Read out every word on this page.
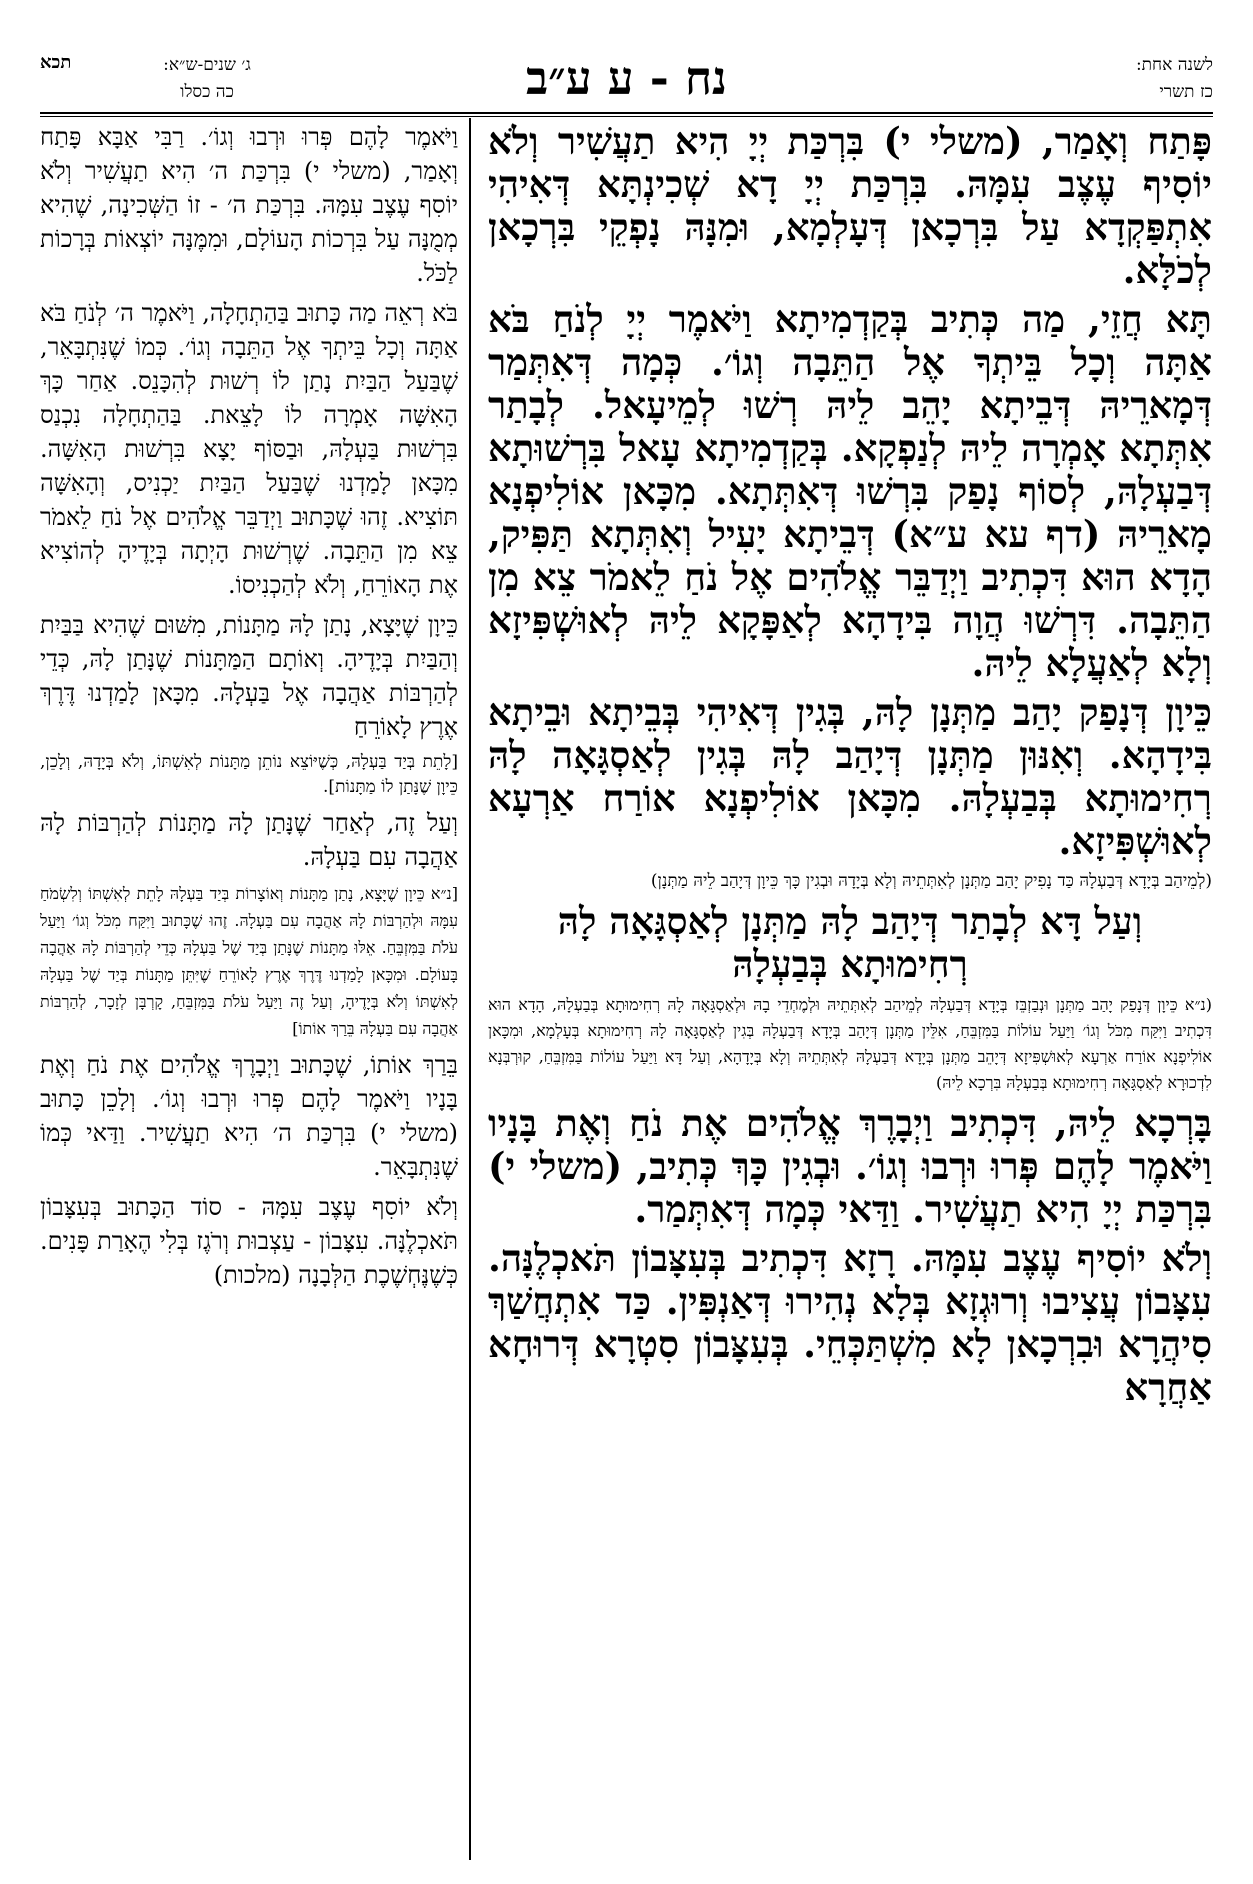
לשנה אחת:
כז תשרי
נח - ע ע״ב
ג׳ שנים-ש״א:
כה כסלו
תכא

פָּתַח וְאָמַר, (משלי י) בִּרְכַּת יְיָ הִיא תַעֲשִׁיר וְלֹא יוֹסִיף עֶצֶב עִמָּהּ. בִּרְכַּת יְיָ דָא שְׁכִינְתָּא דְּאִיהִי אִתְפַּקְדָא עַל בִּרְכָאן דְּעָלְמָא, וּמִנָּהּ נָפְקֵי בִּרְכָאן לְכֹלָּא.

תָּא חֲזֵי, מַה כְּתִיב בְּקַדְמִיתָא וַיֹּאמֶר יְיָ לְנֹחַ בֹּא אַתָּה וְכָל בֵּיתְךָ אֶל הַתֵּבָה וְגוֹ׳. כְּמָה דְּאִתְּמַר דְּמָארֵיהּ דְּבֵיתָא יָהֵב לֵיהּ רְשׁוּ לְמֵיעָאל. לְבָתַר אִתְּתָא אָמְרָה לֵיהּ לְנַפְקָא. בְּקַדְמִיתָא עָאל בִּרְשׁוּתָא דְּבַעְלָהּ, לְסוֹף נָפַק בִּרְשׁוּ דְּאִתְּתָא. מִכָּאן אוֹלִיפְנָא מָארֵיהּ (דף עא ע״א) דְּבֵיתָא יָעִיל וְאִתְּתָא תַּפִּיק, הָדָא הוּא דִּכְתִיב וַיְדַבֵּר אֱלֹהִים אֶל נֹחַ לֵאמֹר צֵא מִן הַתֵּבָה. דִּרְשׁוּ הֲוָה בִּידָהָא לְאַפָּקָא לֵיהּ לְאוּשְׁפִּיזָא וְלָא לְאַעֲלָא לֵיהּ.

כֵּיוָן דְּנָפַק יָהַב מַתְּנָן לָהּ, בְּגִין דְּאִיהִי בְּבֵיתָא וּבֵיתָא בִּידָהָא. וְאִנּוּן מַתְּנָן דְּיָהַב לָהּ בְּגִין לְאַסְגָּאָה לָהּ רְחִימוּתָא בְּבַעְלָהּ. מִכָּאן אוֹלִיפְנָא אוֹרַח אַרְעָא לְאוּשְׁפִּיזָא.

(לְמֵיהַב בְּיָדָא דְּבַעְלָהּ כַּד נָפִיק יָהַב מַתְּנָן לְאִתְּתֵיהּ וְלָא בְּיָדָהּ וּבְגִין כָּךְ כֵּיוָן דְּיָהַב לֵיהּ מַתְּנָן)

וְעַל דָּא לְבָתַר דְּיָהַב לָהּ מַתְּנָן לְאַסְגָּאָה לָהּ רְחִימוּתָא בְּבַעְלָהּ

(נ״א כֵּיוָן דְּנָפַק יָהַב מַתְּנָן וּנְבַזְבֵּז בְּיָדָא דְּבַעְלָהּ לְמֵיהַב לְאִתְּתֵיהּ וּלְמֶחְדֵי בָהּ וּלְאַסְגָּאָה לָהּ רְחִימוּתָא בְּבַעְלָהּ, הָדָא הוּא דִּכְתִיב וַיִּקַּח מִכֹּל וְגוֹ׳ וַיַּעַל עוֹלוֹת בַּמִּזְבֵּחַ, אִלֵּין מַתְּנָן דְּיָהַב בְּיָדָא דְּבַעְלָהּ בְּגִין לְאַסְגָּאָה לָהּ רְחִימוּתָא בְּעָלְמָא, וּמִכָּאן אוֹלִיפְנָא אוֹרַח אַרְעָא לְאוּשְׁפִּיזָא דְּיָהֵב מַתְּנָן בְּיָדָא דְּבַעְלָהּ לְאִתְּתֵיהּ וְלָא בְּיָדָהָא, וְעַל דָּא וַיַּעַל עוֹלוֹת בַּמִּזְבֵּחַ, קוּרְבְּנָא לִדְכוּרָא לְאַסְגָּאָה רְחִימוּתָא בְּבַעְלָהּ בִּרְכָא לֵיהּ)

בָּרְכָא לֵיהּ, דִּכְתִיב וַיְבָרֶךְ אֱלֹהִים אֶת נֹחַ וְאֶת בָּנָיו וַיֹּאמֶר לָהֶם פְּרוּ וּרְבוּ וְגוֹ׳. וּבְגִין כָּךְ כְּתִיב, (משלי י) בִּרְכַּת יְיָ הִיא תַעֲשִׁיר. וַדַּאי כְּמָה דְּאִתְּמַר.

וְלֹא יוֹסִיף עֶצֶב עִמָּהּ. רָזָא דִּכְתִיב בְּעִצָּבוֹן תֹּאכְלֶנָּה. עִצָּבוֹן עֲצִיבוּ וְרוּגְזָא בְּלָא נְהִירוּ דְּאַנְפִּין. כַּד אִתְחֲשַׁךְ סִיהֲרָא וּבִרְכָאן לָא מִשְׁתַּכְּחֵי. בְּעִצָּבוֹן סִטְרָא דְּרוּחָא אַחֲרָא

וַיֹּאמֶר לָהֶם פְּרוּ וּרְבוּ וְגוֹ׳. רַבִּי אַבָּא פָּתַח וְאָמַר, (משלי י) בִּרְכַּת ה׳ הִיא תַעֲשִׁיר וְלֹא יוֹסִף עֶצֶב עִמָּהּ. בִּרְכַּת ה׳ - זוֹ הַשְּׁכִינָה, שֶׁהִיא מְמֻנָּה עַל בִּרְכוֹת הָעוֹלָם, וּמִמֶּנָּה יוֹצְאוֹת בְּרָכוֹת לַכֹּל.

בֹּא רְאֵה מַה כָּתוּב בַּהַתְחָלָה, וַיֹּאמֶר ה׳ לְנֹחַ בֹּא אַתָּה וְכָל בֵּיתְךָ אֶל הַתֵּבָה וְגוֹ׳. כְּמוֹ שֶׁנִּתְבָּאֵר, שֶׁבַּעַל הַבַּיִת נָתַן לוֹ רְשׁוּת לְהִכָּנֵס. אַחַר כָּךְ הָאִשָּׁה אָמְרָה לוֹ לָצֵאת. בַּהַתְחָלָה נִכְנַס בִּרְשׁוּת בַּעְלָהּ, וּבַסּוֹף יָצָא בִּרְשׁוּת הָאִשָּׁה. מִכָּאן לָמַדְנוּ שֶׁבַּעַל הַבַּיִת יַכְנִיס, וְהָאִשָּׁה תּוֹצִיא. זֶהוּ שֶׁכָּתוּב וַיְדַבֵּר אֱלֹהִים אֶל נֹחַ לֵאמֹר צֵא מִן הַתֵּבָה. שֶׁרְשׁוּת הָיְתָה בְּיָדֶיהָ לְהוֹצִיא אֶת הָאוֹרֵחַ, וְלֹא לְהַכְנִיסוֹ.

כֵּיוָן שֶׁיָּצָא, נָתַן לָהּ מַתָּנוֹת, מִשּׁוּם שֶׁהִיא בַּבַּיִת וְהַבַּיִת בְּיָדֶיהָ. וְאוֹתָם הַמַּתָּנוֹת שֶׁנָּתַן לָהּ, כְּדֵי לְהַרְבּוֹת אַהֲבָה אֶל בַּעְלָהּ. מִכָּאן לָמַדְנוּ דֶּרֶךְ אֶרֶץ לָאוֹרֵחַ

[לָתֵת בְּיַד בַּעְלָהּ, כְּשֶׁיּוֹצֵא נוֹתֵן מַתָּנוֹת לְאִשְׁתּוֹ, וְלֹא בְּיָדָהּ, וְלָכֵן, כֵּיוָן שֶׁנָּתַן לוֹ מַתָּנוֹת].

וְעַל זֶה, לְאַחַר שֶׁנָּתַן לָהּ מַתָּנוֹת לְהַרְבּוֹת לָהּ אַהֲבָה עִם בַּעְלָהּ.

[נ״א כֵּיוָן שֶׁיָּצָא, נָתַן מַתָּנוֹת וְאוֹצָרוֹת בְּיַד בַּעְלָהּ לָתֵת לְאִשְׁתּוֹ וְלִשְׂמֹחַ עִמָּהּ וּלְהַרְבּוֹת לָהּ אַהֲבָה עִם בַּעְלָהּ. זֶהוּ שֶׁכָּתוּב וַיִּקַּח מִכֹּל וְגוֹ׳ וַיַּעַל עֹלֹת בַּמִּזְבֵּחַ. אֵלּוּ מַתָּנוֹת שֶׁנָּתַן בְּיַד שֶׁל בַּעְלָהּ כְּדֵי לְהַרְבּוֹת לָהּ אַהֲבָה בָּעוֹלָם. וּמִכָּאן לָמַדְנוּ דֶּרֶךְ אֶרֶץ לָאוֹרֵחַ שֶׁיִּתֵּן מַתָּנוֹת בְּיַד שֶׁל בַּעְלָהּ לְאִשְׁתּוֹ וְלֹא בְּיָדֶיהָ, וְעַל זֶה וַיַּעַל עֹלֹת בַּמִּזְבֵּחַ, קָרְבָּן לְזָכָר, לְהַרְבּוֹת אַהֲבָה עִם בַּעְלָהּ בֵּרַךְ אוֹתוֹ]

בֵּרַךְ אוֹתוֹ, שֶׁכָּתוּב וַיְבָרֶךְ אֱלֹהִים אֶת נֹחַ וְאֶת בָּנָיו וַיֹּאמֶר לָהֶם פְּרוּ וּרְבוּ וְגוֹ׳. וְלָכֵן כָּתוּב (משלי י) בִּרְכַּת ה׳ הִיא תַעֲשִׁיר. וַדַּאי כְּמוֹ שֶׁנִּתְבָּאֵר.

וְלֹא יוֹסִף עֶצֶב עִמָּהּ - סוֹד הַכָּתוּב בְּעִצָּבוֹן תֹּאכְלֶנָּה. עִצָּבוֹן - עַצְבוּת וְרֹגֶז בְּלִי הֶאָרַת פָּנִים. כְּשֶׁנֶּחְשֶׁכֶת הַלְּבָנָה (מלכות)
